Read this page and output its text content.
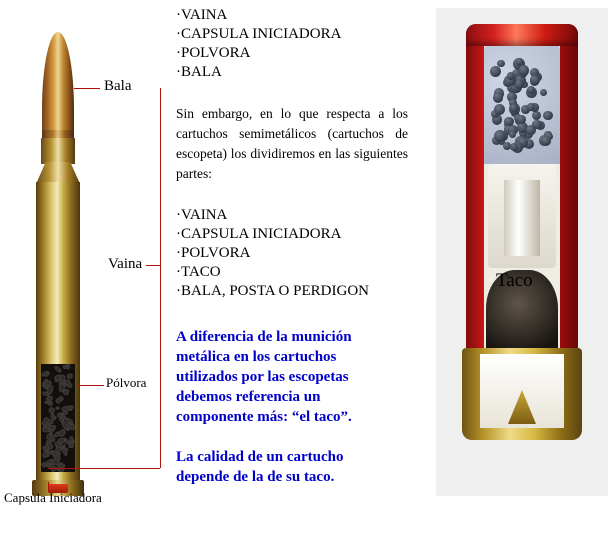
Bala
Vaina
Pólvora
Capsula Iniciadora
·VAINA
·CAPSULA INICIADORA
·POLVORA
·BALA
Sin embargo, en lo que respecta a los cartuchos semimetálicos (cartuchos de escopeta) los dividiremos en las siguientes partes:
·VAINA
·CAPSULA INICIADORA
·POLVORA
·TACO
·BALA, POSTA O PERDIGON
A diferencia de la munición metálica en los cartuchos utilizados por las escopetas debemos referencia un componente más: “el taco”.
La calidad de un cartucho depende de la de su taco.
Taco
